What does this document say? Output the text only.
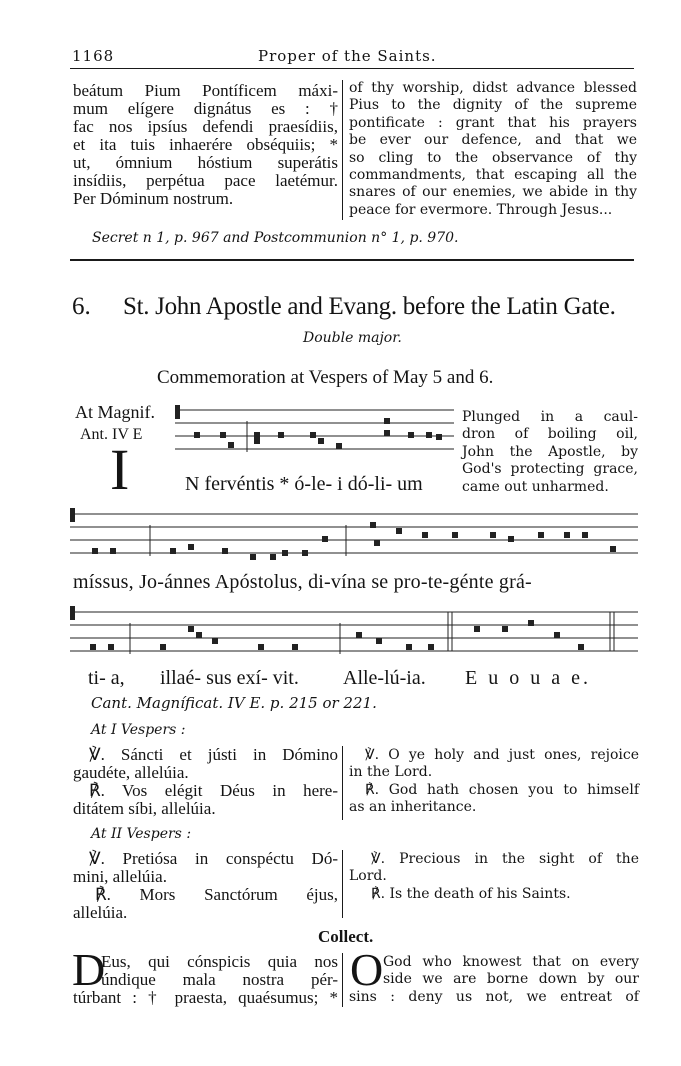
1168	Proper of the Saints.
beátum Pium Pontíficem máxi-
mum elígere dignátus es : †
fac nos ipsíus defendi praesídiis,
et ita tuis inhaerére obséquiis; *
ut, ómnium hóstium superátis
insídiis, perpétua pace laetémur.
Per Dóminum nostrum.
of thy worship, didst advance blessed
Pius to the dignity of the supreme
pontificate : grant that his prayers
be ever our defence, and that we
so cling to the observance of thy
commandments, that escaping all the
snares of our enemies, we abide in thy
peace for evermore. Through Jesus...
Secret n 1, p. 967 and Postcommunion n° 1, p. 970.
6. St. John Apostle and Evang. before the Latin Gate.
Double major.
Commemoration at Vespers of May 5 and 6.
At Magnif.
Ant. IV E
I	N fervéntis * ó-le- i dó-li- um
Plunged in a caul-
dron of boiling oil,
John the Apostle, by
God's protecting grace,
came out unharmed.
míssus, Jo-ánnes Apóstolus, di-vína se pro-te-génte grá-
ti- a, illaé- sus exí- vit. Alle-lú-ia. E u o u a e.
Cant. Magníficat. IV E. p. 215 or 221.
At I Vespers :
℣. Sáncti et jústi in Dómino
gaudéte, allelúia.
℟. Vos elégit Déus in here-
ditátem síbi, allelúia.
℣. O ye holy and just ones, rejoice
in the Lord.
℟. God hath chosen you to himself
as an inheritance.
At II Vespers :
℣. Pretiósa in conspéctu Dó-
mini, allelúia.
℟. Mors Sanctórum éjus,
allelúia.
℣. Precious in the sight of the
Lord.
℟. Is the death of his Saints.
Collect.
D
Eus, qui cónspicis quia nos
úndique mala nostra pér-
túrbant : † praesta, quaésumus; *
O God who knowest that on every
side we are borne down by our
sins : deny us not, we entreat of
